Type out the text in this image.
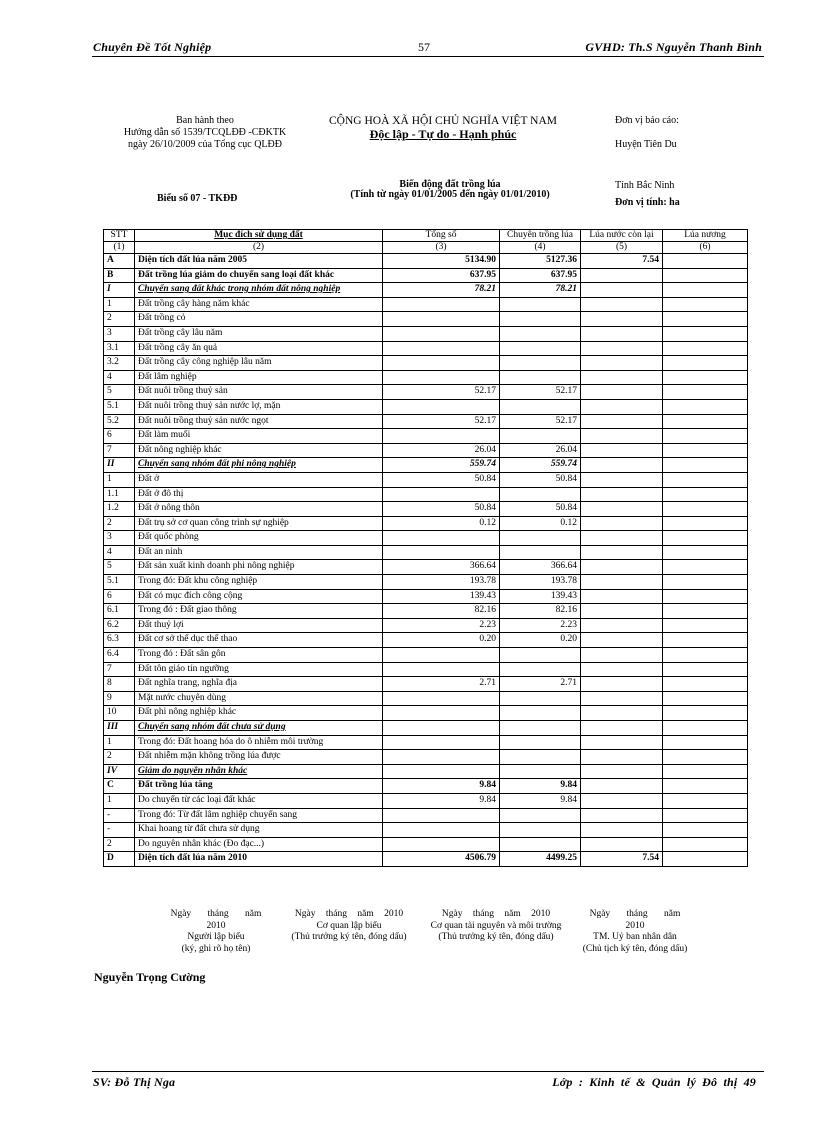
Chuyên Đề Tốt Nghiệp	57	GVHD: Th.S Nguyễn Thanh Bình
Ban hành theo
Hướng dẫn số 1539/TCQLĐĐ -CĐKTK
ngày 26/10/2009 của Tổng cục QLĐĐ
CỘNG HOÀ XÃ HỘI CHỦ NGHĨA VIỆT NAM
Độc lập - Tự do - Hạnh phúc
Đơn vị báo cáo:
Huyện Tiên Du
Tỉnh Bắc Ninh
Đơn vị tính: ha
Biểu số 07 - TKĐĐ
Biến động đất trồng lúa
(Tính từ ngày 01/01/2005 đến ngày 01/01/2010)
STT	Mục đích sử dụng đất	Tổng số	Chuyên trồng lúa	Lúa nước còn lại	Lúa nương
(1)	(2)	(3)	(4)	(5)	(6)
A	Diện tích đất lúa năm 2005	5134.90	5127.36	7.54	
B	Đất trồng lúa giảm do chuyển sang loại đất khác	637.95	637.95		
I	Chuyển sang đất khác trong nhóm đất nông nghiệp	78.21	78.21		
1	Đất trồng cây hàng năm khác				
2	Đất trồng cỏ				
3	Đất trồng cây lâu năm				
3.1	Đất trồng cây ăn quả				
3.2	Đất trồng cây công nghiệp lâu năm				
4	Đất lâm nghiệp				
5	Đất nuôi trồng thuỷ sản	52.17	52.17		
5.1	Đất nuôi trồng thuỷ sản nước lợ, mặn				
5.2	Đất nuôi trồng thuỷ sản nước ngọt	52.17	52.17		
6	Đất làm muối				
7	Đất nông nghiệp khác	26.04	26.04		
II	Chuyển sang nhóm đất phi nông nghiệp	559.74	559.74		
1	Đất ở	50.84	50.84		
1.1	Đất ở đô thị				
1.2	Đất ở nông thôn	50.84	50.84		
2	Đất trụ sở cơ quan công trình sự nghiệp	0.12	0.12		
3	Đất quốc phòng				
4	Đất an ninh				
5	Đất sản xuất kinh doanh phi nông nghiệp	366.64	366.64		
5.1	Trong đó: Đất khu công nghiệp	193.78	193.78		
6	Đất có mục đích công cộng	139.43	139.43		
6.1	Trong đó : Đất giao thông	82.16	82.16		
6.2	Đất thuỷ lợi	2.23	2.23		
6.3	Đất cơ sở thể dục thể thao	0.20	0.20		
6.4	Trong đó : Đất sân gôn				
7	Đất tôn giáo tín ngưỡng				
8	Đất nghĩa trang, nghĩa địa	2.71	2.71		
9	Mặt nước chuyên dùng				
10	Đất phi nông nghiệp khác				
III	Chuyển sang nhóm đất chưa sử dụng				
1	Trong đó: Đất hoang hóa do ô nhiễm môi trường				
2	Đất nhiễm mặn không trồng lúa được				
IV	Giảm do nguyên nhân khác				
C	Đất trồng lúa tăng	9.84	9.84		
1	Do chuyển từ các loại đất khác	9.84	9.84		
-	Trong đó: Từ đất lâm nghiệp chuyển sang				
-	Khai hoang từ đất chưa sử dụng				
2	Do nguyên nhân khác (Đo đạc...)				
D	Diện tích đất lúa năm 2010	4506.79	4499.25	7.54	
Ngày tháng năm
2010
Người lập biểu
(ký, ghi rõ họ tên)
Ngày tháng năm 2010
Cơ quan lập biểu
(Thủ trưởng ký tên, đóng dấu)
Ngày tháng năm 2010
Cơ quan tài nguyên và môi trường
(Thủ trưởng ký tên, đóng dấu)
Ngày tháng năm
2010
TM. Uỷ ban nhân dân
(Chủ tịch ký tên, đóng dấu)
Nguyễn Trọng Cường
SV: Đỗ Thị Nga	Lớp : Kinh tế & Quản lý Đô thị 49
